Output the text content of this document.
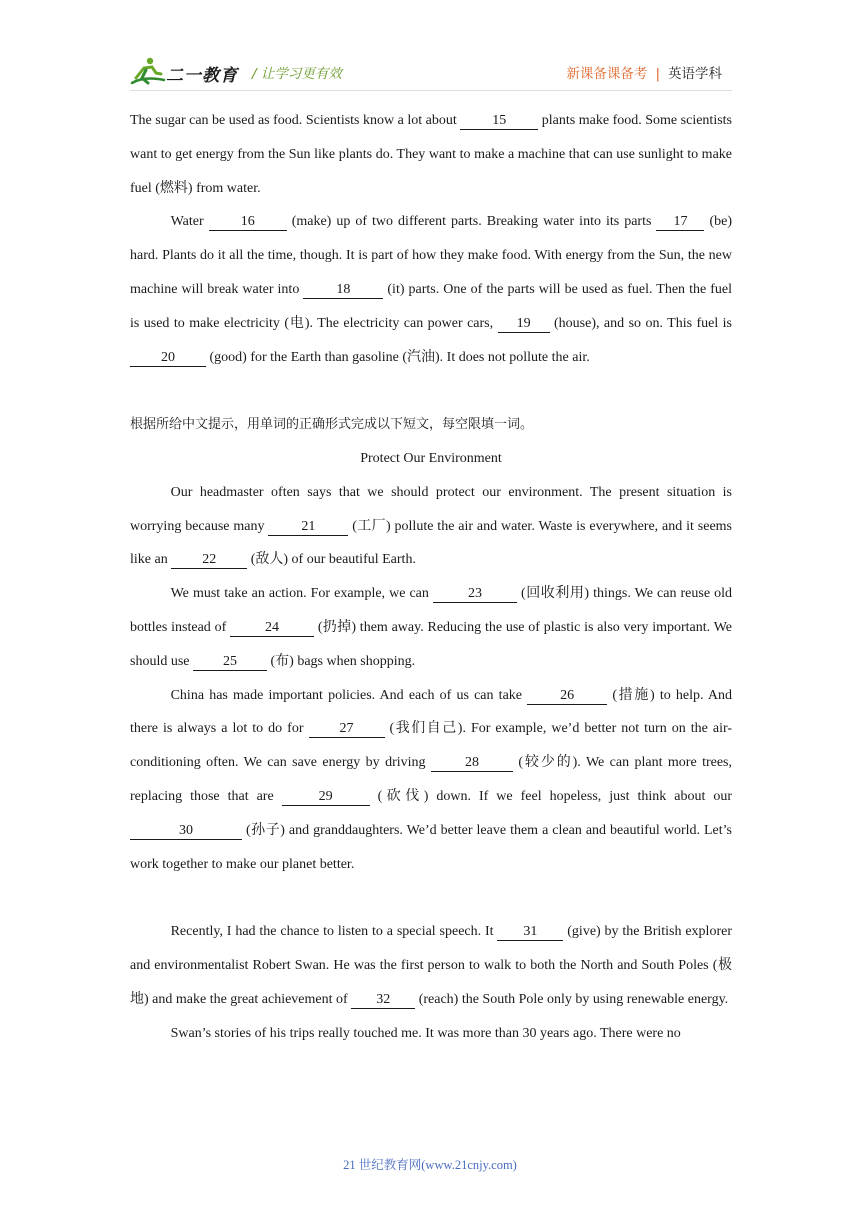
二一教育 / 让学习更有效	新课备课备考 | 英语学科

The sugar can be used as food. Scientists know a lot about 15 plants make food. Some scientists want to get energy from the Sun like plants do. They want to make a machine that can use sunlight to make fuel (燃料) from water.

Water 16 (make) up of two different parts. Breaking water into its parts 17 (be) hard. Plants do it all the time, though. It is part of how they make food. With energy from the Sun, the new machine will break water into 18 (it) parts. One of the parts will be used as fuel. Then the fuel is used to make electricity (电). The electricity can power cars, 19 (house), and so on. This fuel is 20 (good) for the Earth than gasoline (汽油). It does not pollute the air.

根据所给中文提示，用单词的正确形式完成以下短文，每空限填一词。

Protect Our Environment

Our headmaster often says that we should protect our environment. The present situation is worrying because many 21 (工厂) pollute the air and water. Waste is everywhere, and it seems like an 22 (敌人) of our beautiful Earth.

We must take an action. For example, we can	23	(回收利用) things. We can reuse old bottles instead of	24	(扔掉) them away. Reducing the use of plastic is also very important. We should use 25 (布) bags when shopping.

China has made important policies. And each of us can take 26 (措施) to help. And there is always a lot to do for 27 (我们自己). For example, we’d better not turn on the air-conditioning often. We can save energy by driving 28 (较少的). We can plant more trees, replacing those that are	29	(砍伐) down. If we feel hopeless, just think about our 30	(孙子) and granddaughters. We’d better leave them a clean and beautiful world. Let’s work together to make our planet better.

Recently, I had the chance to listen to a special speech. It 31 (give) by the British explorer and environmentalist Robert Swan. He was the first person to walk to both the North and South Poles (极地) and make the great achievement of 32 (reach) the South Pole only by using renewable energy.

Swan’s stories of his trips really touched me. It was more than 30 years ago. There were no

21 世纪教育网(www.21cnjy.com)
